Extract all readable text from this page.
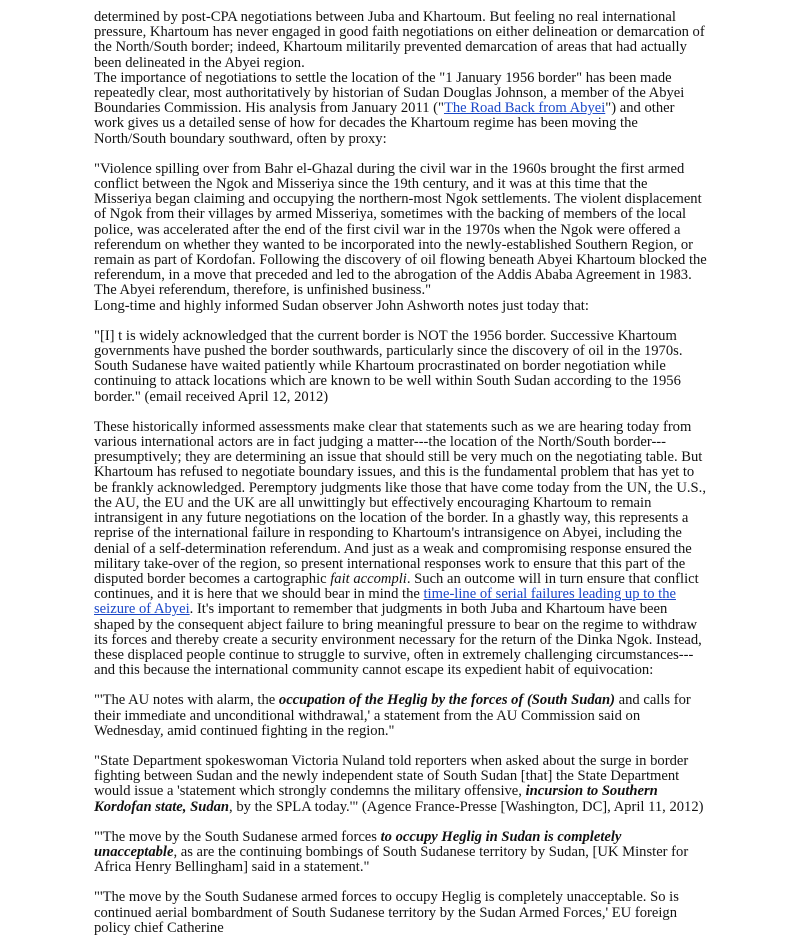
determined by post-CPA negotiations between Juba and Khartoum. But feeling no real international pressure, Khartoum has never engaged in good faith negotiations on either delineation or demarcation of the North/South border; indeed, Khartoum militarily prevented demarcation of areas that had actually been delineated in the Abyei region.

The importance of negotiations to settle the location of the "1 January 1956 border" has been made repeatedly clear, most authoritatively by historian of Sudan Douglas Johnson, a member of the Abyei Boundaries Commission. His analysis from January 2011 ("The Road Back from Abyei") and other work gives us a detailed sense of how for decades the Khartoum regime has been moving the North/South boundary southward, often by proxy:

"Violence spilling over from Bahr el-Ghazal during the civil war in the 1960s brought the first armed conflict between the Ngok and Misseriya since the 19th century, and it was at this time that the Misseriya began claiming and occupying the northern-most Ngok settlements. The violent displacement of Ngok from their villages by armed Misseriya, sometimes with the backing of members of the local police, was accelerated after the end of the first civil war in the 1970s when the Ngok were offered a referendum on whether they wanted to be incorporated into the newly-established Southern Region, or remain as part of Kordofan. Following the discovery of oil flowing beneath Abyei Khartoum blocked the referendum, in a move that preceded and led to the abrogation of the Addis Ababa Agreement in 1983. The Abyei referendum, therefore, is unfinished business."

Long-time and highly informed Sudan observer John Ashworth notes just today that:

"[I] t is widely acknowledged that the current border is NOT the 1956 border. Successive Khartoum governments have pushed the border southwards, particularly since the discovery of oil in the 1970s. South Sudanese have waited patiently while Khartoum procrastinated on border negotiation while continuing to attack locations which are known to be well within South Sudan according to the 1956 border." (email received April 12, 2012)

These historically informed assessments make clear that statements such as we are hearing today from various international actors are in fact judging a matter---the location of the North/South border---presumptively; they are determining an issue that should still be very much on the negotiating table. But Khartoum has refused to negotiate boundary issues, and this is the fundamental problem that has yet to be frankly acknowledged. Peremptory judgments like those that have come today from the UN, the U.S., the AU, the EU and the UK are all unwittingly but effectively encouraging Khartoum to remain intransigent in any future negotiations on the location of the border. In a ghastly way, this represents a reprise of the international failure in responding to Khartoum's intransigence on Abyei, including the denial of a self-determination referendum. And just as a weak and compromising response ensured the military take-over of the region, so present international responses work to ensure that this part of the disputed border becomes a cartographic fait accompli. Such an outcome will in turn ensure that conflict continues, and it is here that we should bear in mind the time-line of serial failures leading up to the seizure of Abyei. It's important to remember that judgments in both Juba and Khartoum have been shaped by the consequent abject failure to bring meaningful pressure to bear on the regime to withdraw its forces and thereby create a security environment necessary for the return of the Dinka Ngok. Instead, these displaced people continue to struggle to survive, often in extremely challenging circumstances---and this because the international community cannot escape its expedient habit of equivocation:

"'The AU notes with alarm, the occupation of the Heglig by the forces of (South Sudan) and calls for their immediate and unconditional withdrawal,' a statement from the AU Commission said on Wednesday, amid continued fighting in the region."

"State Department spokeswoman Victoria Nuland told reporters when asked about the surge in border fighting between Sudan and the newly independent state of South Sudan [that] the State Department would issue a 'statement which strongly condemns the military offensive, incursion to Southern Kordofan state, Sudan, by the SPLA today.'" (Agence France-Presse [Washington, DC], April 11, 2012)

"'The move by the South Sudanese armed forces to occupy Heglig in Sudan is completely unacceptable, as are the continuing bombings of South Sudanese territory by Sudan, [UK Minster for Africa Henry Bellingham] said in a statement."

"'The move by the South Sudanese armed forces to occupy Heglig is completely unacceptable. So is continued aerial bombardment of South Sudanese territory by the Sudan Armed Forces,' EU foreign policy chief Catherine
